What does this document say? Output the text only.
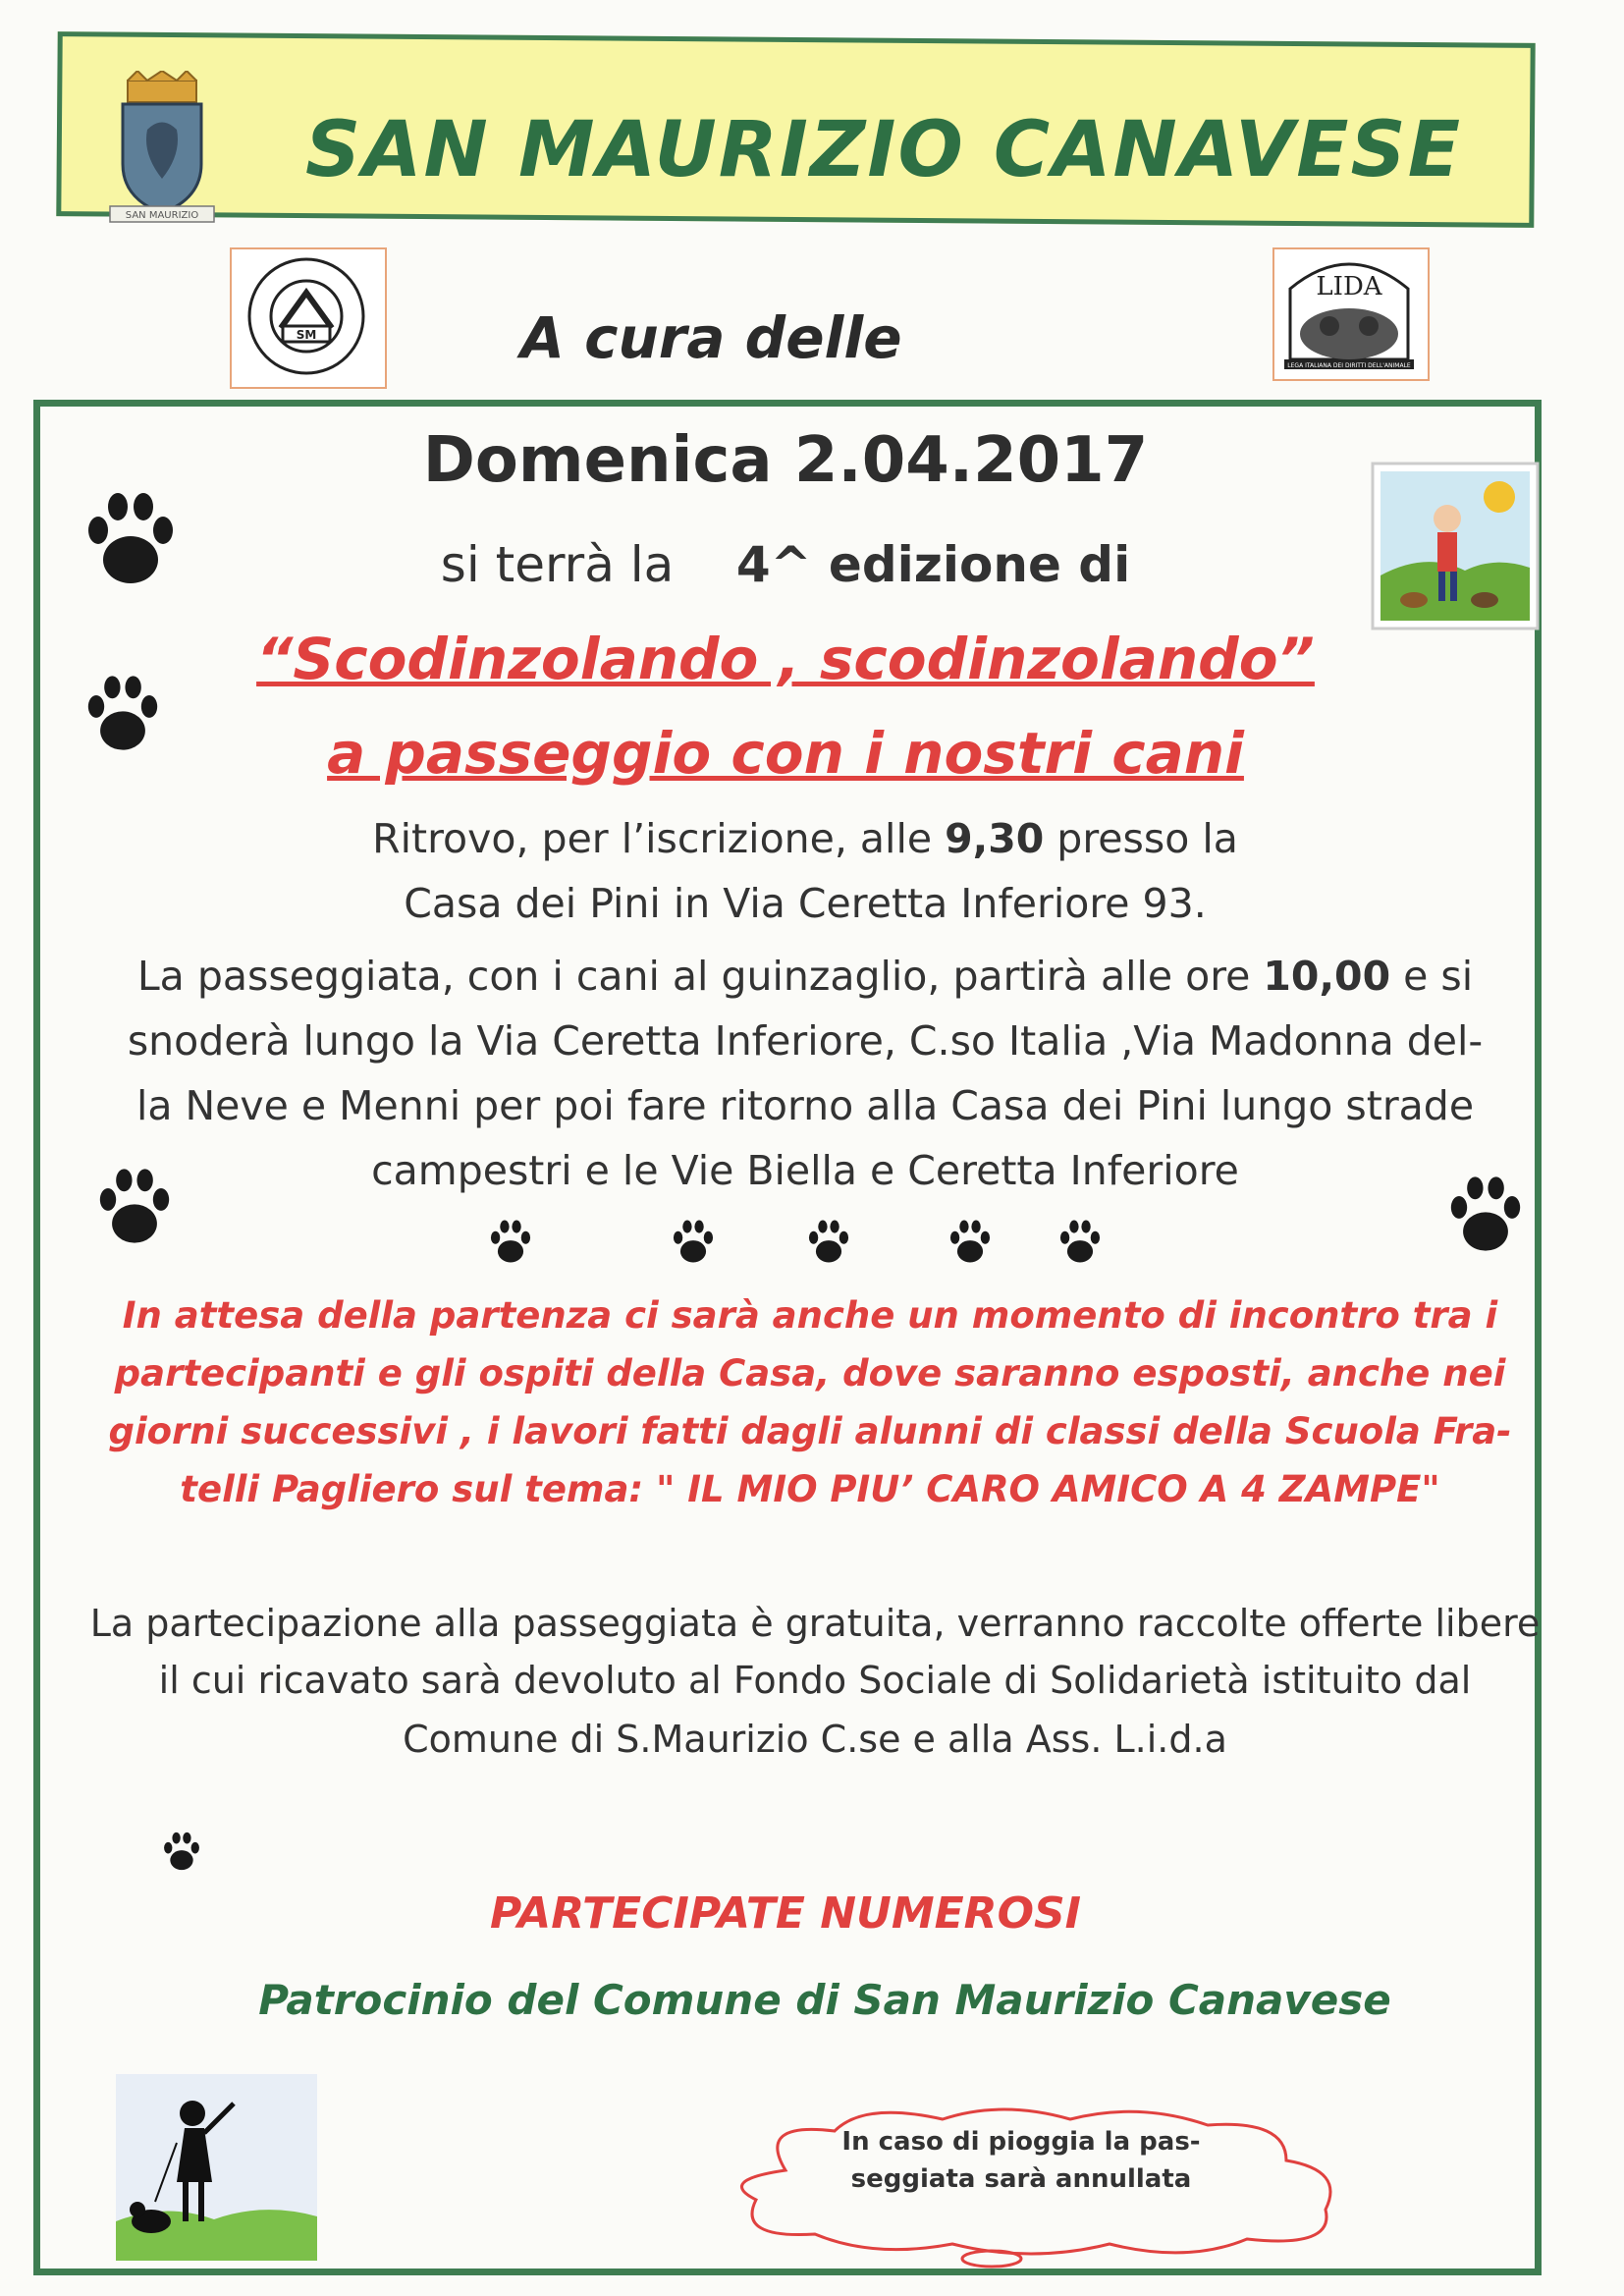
SAN MAURIZIO
SAN MAURIZIO CANAVESE
SM	A cura delle
LIDA
LEGA ITALIANA DEI DIRITTI DELL'ANIMALE
Domenica 2.04.2017
si terrà la 4^ edizione di
“Scodinzolando , scodinzolando”
a passeggio con i nostri cani
Ritrovo, per l’iscrizione, alle 9,30 presso la
Casa dei Pini in Via Ceretta Inferiore 93.
La passeggiata, con i cani al guinzaglio, partirà alle ore 10,00 e si
snoderà lungo la Via Ceretta Inferiore, C.so Italia ,Via Madonna del-
la Neve e Menni per poi fare ritorno alla Casa dei Pini lungo strade
campestri e le Vie Biella e Ceretta Inferiore
In attesa della partenza ci sarà anche un momento di incontro tra i
partecipanti e gli ospiti della Casa, dove saranno esposti, anche nei
giorni successivi , i lavori fatti dagli alunni di classi della Scuola Fra-
telli Pagliero sul tema: " IL MIO PIU’ CARO AMICO A 4 ZAMPE"
La partecipazione alla passeggiata è gratuita, verranno raccolte offerte libere
il cui ricavato sarà devoluto al Fondo Sociale di Solidarietà istituito dal

Comune di S.Maurizio C.se e alla Ass. L.i.d.a
PARTECIPATE NUMEROSI
Patrocinio del Comune di San Maurizio Canavese
In caso di pioggia la pas-
seggiata sarà annullata
